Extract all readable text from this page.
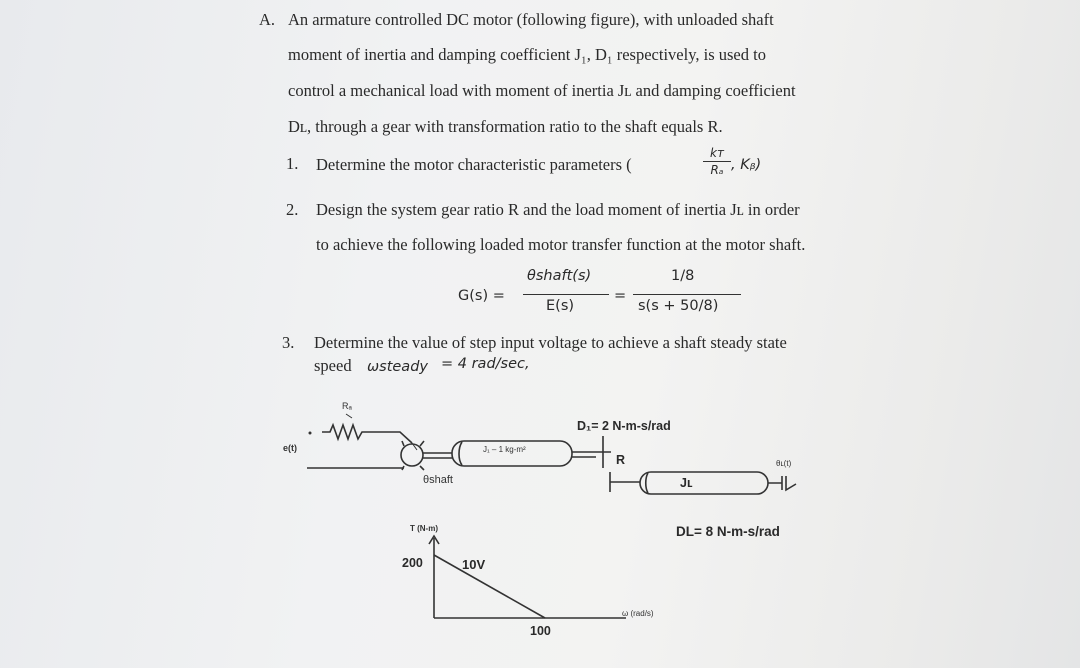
A. An armature controlled DC motor (following figure), with unloaded shaft
moment of inertia and damping coefficient J₁, D₁ respectively, is used to
control a mechanical load with moment of inertia Jʟ and damping coefficient
Dʟ, through a gear with transformation ratio to the shaft equals R.
1. Determine the motor characteristic parameters (
kᴛ
Rₐ , Kᵦ)
2. Design the system gear ratio R and the load moment of inertia Jʟ in order
to achieve the following loaded motor transfer function at the motor shaft.
G(s) =
θshaft(s)
E(s)
=
1/8
s(s + 50/8)
3. Determine the value of step input voltage to achieve a shaft steady state
speed ωsteady = 4 rad/sec,
Rₐ
e(t)
θshaft
J₁ – 1 kg-m²
D₁= 2 N-m-s/rad
R
Jʟ
θʟ(t)
DL= 8 N-m-s/rad
T (N-m)
200	10V
ω (rad/s)
100
